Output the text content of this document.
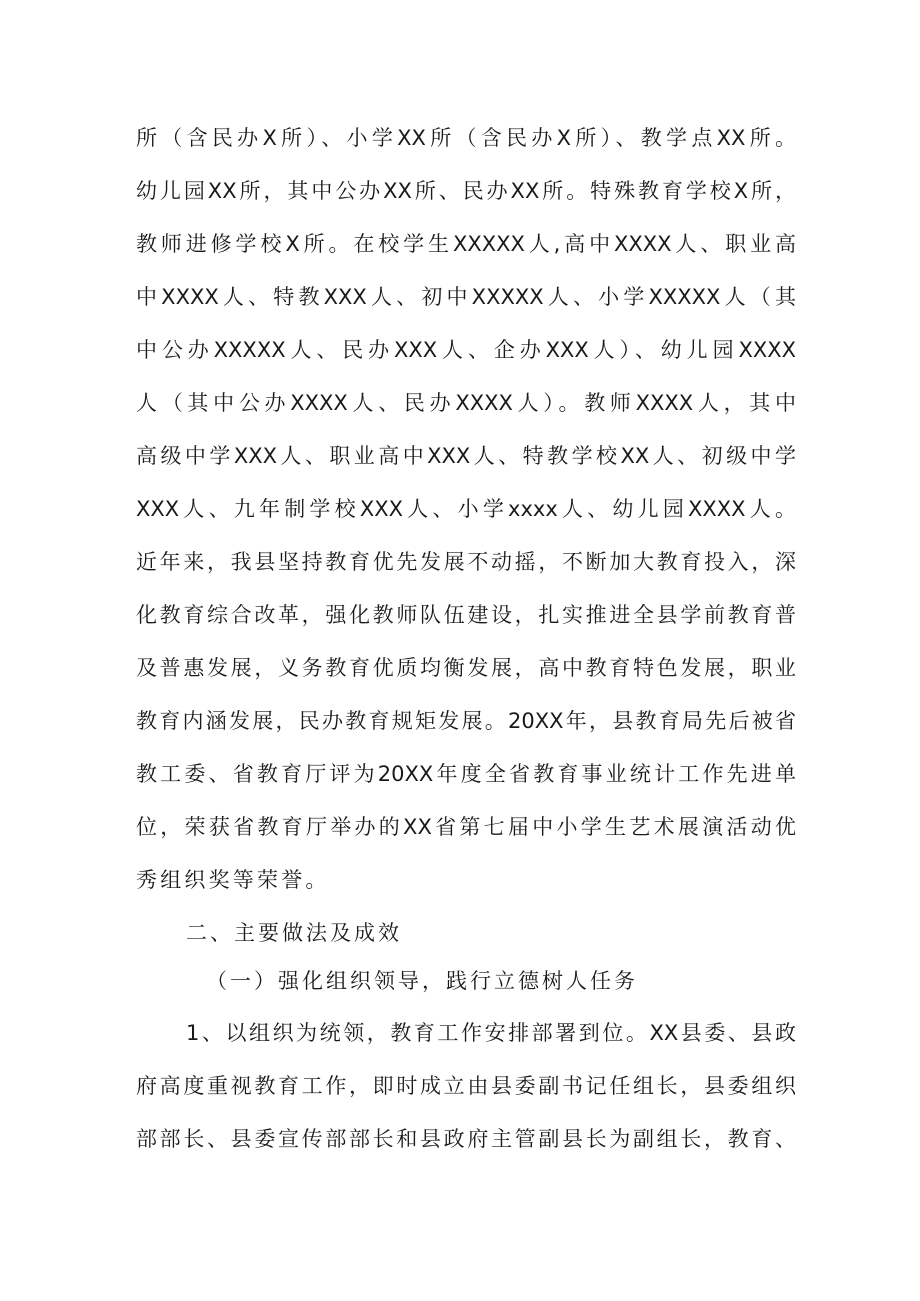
所（含民办X所）、小学XX所（含民办X所）、教学点XX所。
幼儿园XX所，其中公办XX所、民办XX所。特殊教育学校X所，
教师进修学校X所。在校学生XXXXX人,高中XXXX人、职业高
中XXXX人、特教XXX人、初中XXXXX人、小学XXXXX人（其
中公办XXXXX人、民办XXX人、企办XXX人）、幼儿园XXXX
人（其中公办XXXX人、民办XXXX人）。教师XXXX人，其中
高级中学XXX人、职业高中XXX人、特教学校XX人、初级中学
XXX人、九年制学校XXX人、小学xxxx人、幼儿园XXXX人。
近年来，我县坚持教育优先发展不动摇，不断加大教育投入，深
化教育综合改革，强化教师队伍建设，扎实推进全县学前教育普
及普惠发展，义务教育优质均衡发展，高中教育特色发展，职业
教育内涵发展，民办教育规矩发展。20XX年，县教育局先后被省
教工委、省教育厅评为20XX年度全省教育事业统计工作先进单
位，荣获省教育厅举办的XX省第七届中小学生艺术展演活动优
秀组织奖等荣誉。
二、主要做法及成效
（一）强化组织领导，践行立德树人任务
1、以组织为统领，教育工作安排部署到位。XX县委、县政
府高度重视教育工作，即时成立由县委副书记任组长，县委组织
部部长、县委宣传部部长和县政府主管副县长为副组长，教育、
